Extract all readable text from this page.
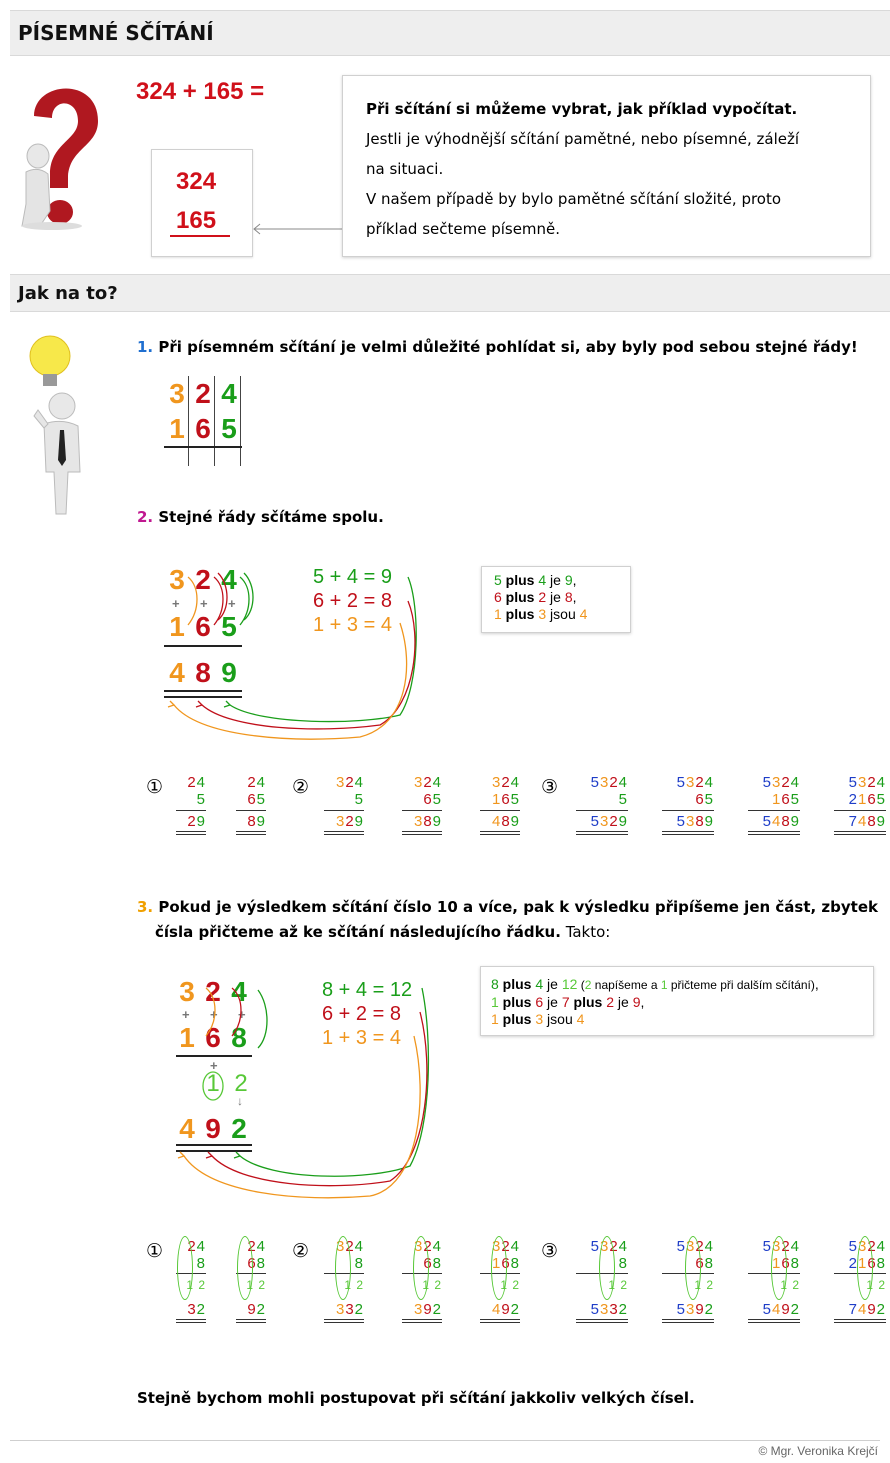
PÍSEMNÉ SČÍTÁNÍ
324 + 165 =
324
165
Při sčítání si můžeme vybrat, jak příklad vypočítat.
Jestli je výhodnější sčítání pamětné, nebo písemné, záleží
na situaci.
V našem případě by bylo pamětné sčítání složité, proto
příklad sečteme písemně.
Jak na to?
1. Při písemném sčítání je velmi důležité pohlídat si, aby byly pod sebou stejné řády!
3 2 4
1 6 5
2. Stejné řády sčítáme spolu.
3 2 4
+ + +
1 6 5
4 8 9
5 + 4 = 9
6 + 2 = 8
1 + 3 = 4
5 plus 4 je 9,
6 plus 2 je 8,
1 plus 3 jsou 4
①	②	③
24
5
29
24
65
89
324
5
329
324
65
389
324
165
489
5324
5
5329
5324
65
5389
5324
165
5489
5324
2165
7489
3. Pokud je výsledkem sčítání číslo 10 a více, pak k výsledku připíšeme jen část, zbytek
čísla přičteme až ke sčítání následujícího řádku. Takto:
3 2 4
+ + +
1 6 8
+
1 2
↓
4 9 2
8 + 4 = 12
6 + 2 = 8
1 + 3 = 4
8 plus 4 je 12 (2 napíšeme a 1 přičteme při dalším sčítání),
1 plus 6 je 7 plus 2 je 9,
1 plus 3 jsou 4
①	②	③
24
8
1 2
32
24
68
1 2
92
324
8
1 2
332
324
68
1 2
392
324
168
1 2
492
5324
8
1 2
5332
5324
68
1 2
5392
5324
168
1 2
5492
5324
2168
1 2
7492
Stejně bychom mohli postupovat při sčítání jakkoliv velkých čísel.
© Mgr. Veronika Krejčí
